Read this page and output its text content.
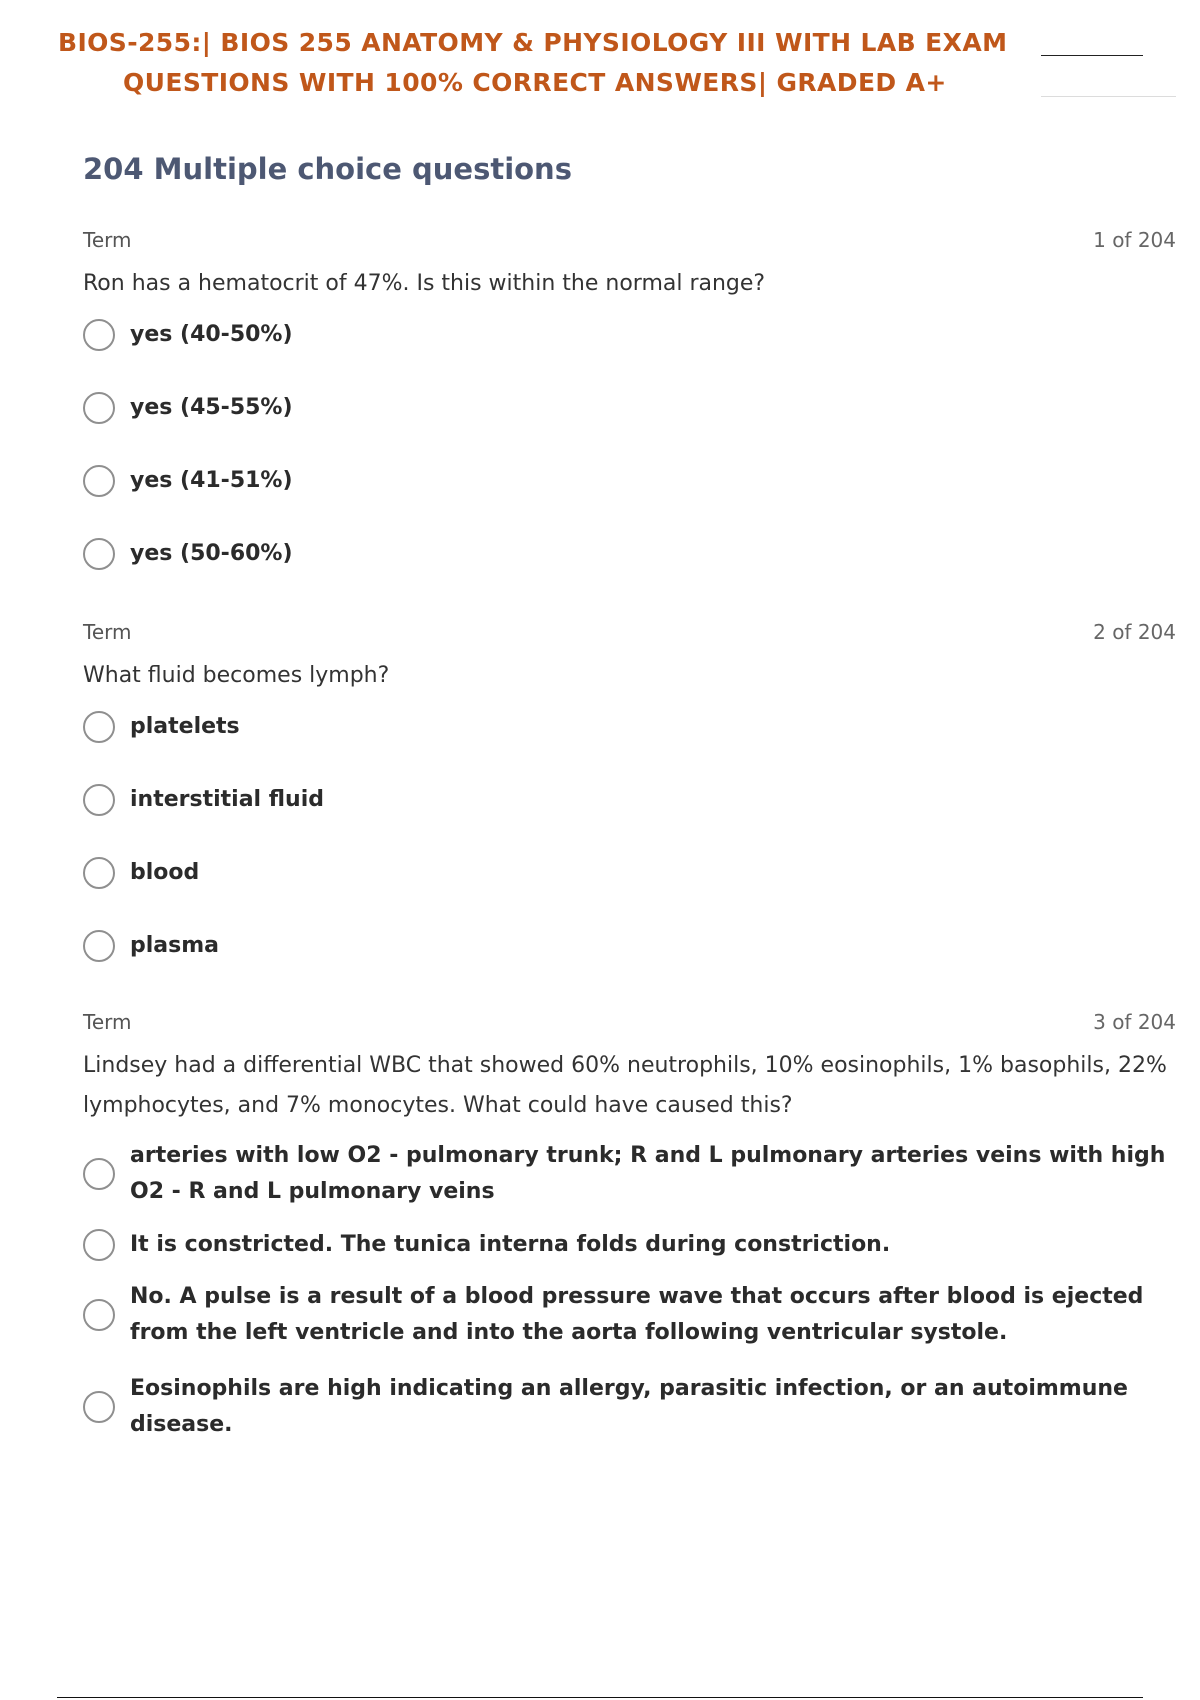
BIOS-255:| BIOS 255 ANATOMY & PHYSIOLOGY III WITH LAB EXAM
QUESTIONS WITH 100% CORRECT ANSWERS| GRADED A+
204 Multiple choice questions
Term	1 of 204
Ron has a hematocrit of 47%. Is this within the normal range?
yes (40-50%)
yes (45-55%)
yes (41-51%)
yes (50-60%)
Term	2 of 204
What fluid becomes lymph?
platelets
interstitial fluid
blood
plasma
Term	3 of 204
Lindsey had a differential WBC that showed 60% neutrophils, 10% eosinophils, 1% basophils, 22% lymphocytes, and 7% monocytes. What could have caused this?
arteries with low O2 - pulmonary trunk; R and L pulmonary arteries veins with high O2 - R and L pulmonary veins
It is constricted. The tunica interna folds during constriction.
No. A pulse is a result of a blood pressure wave that occurs after blood is ejected from the left ventricle and into the aorta following ventricular systole.
Eosinophils are high indicating an allergy, parasitic infection, or an autoimmune disease.
